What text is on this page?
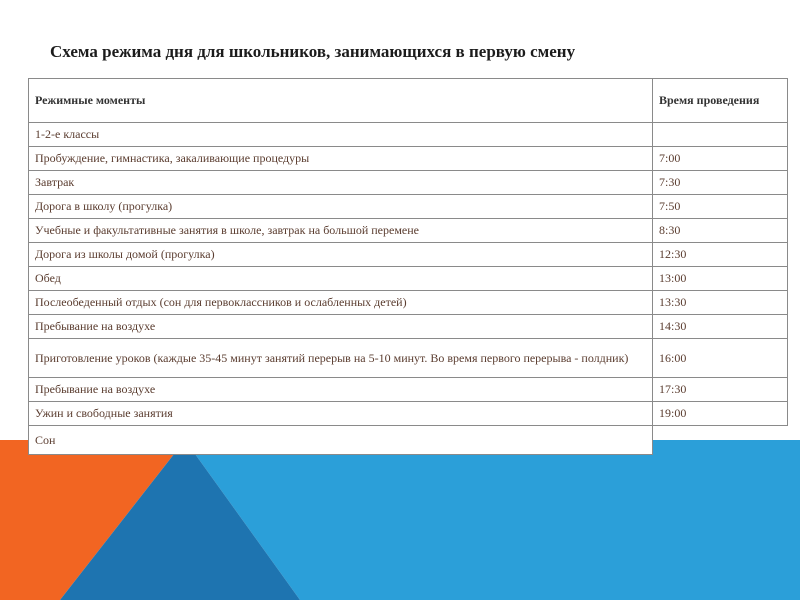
Схема режима дня для школьников, занимающихся в первую смену
Режимные моменты	Время проведения
1-2-е классы	
Пробуждение, гимнастика, закаливающие процедуры	7:00
Завтрак	7:30
Дорога в школу (прогулка)	7:50
Учебные и факультативные занятия в школе, завтрак на большой перемене	8:30
Дорога из школы домой (прогулка)	12:30
Обед	13:00
Послеобеденный отдых (сон для первоклассников и ослабленных детей)	13:30
Пребывание на воздухе	14:30
Приготовление уроков (каждые 35-45 минут занятий перерыв на 5-10 минут. Во время первого перерыва - полдник)	16:00
Пребывание на воздухе	17:30
Ужин и свободные занятия	19:00
Сон	
